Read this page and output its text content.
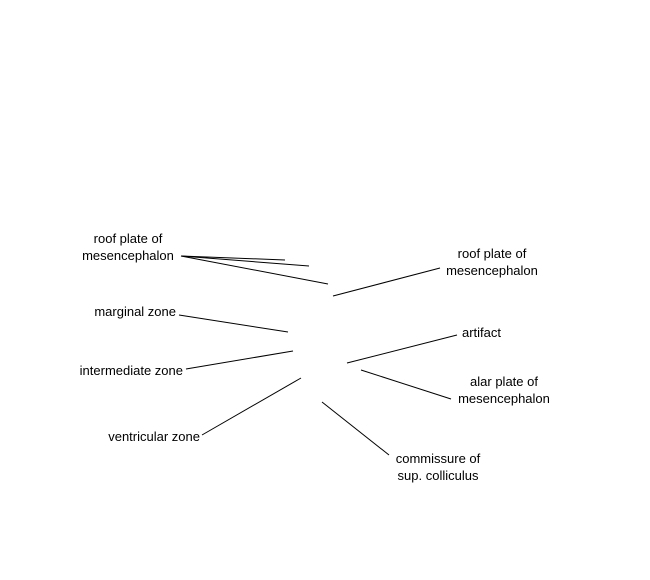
roof plate of
mesencephalon
marginal zone
intermediate zone
ventricular zone
roof plate of
mesencephalon
artifact
alar plate of
mesencephalon
commissure of
sup. colliculus
